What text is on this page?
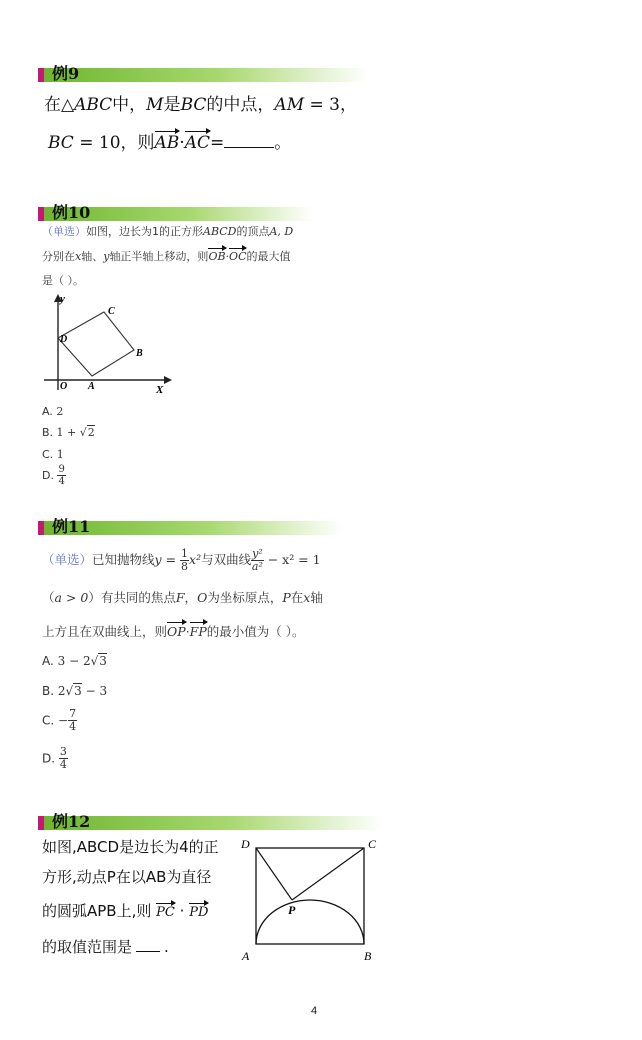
例9
在△ABC中，M是BC的中点，AM = 3，
BC = 10，则AB·AC=	。
例10
（单选）如图，边长为1的正方形ABCD的顶点A, D
分别在x轴、y轴正半轴上移动，则OB·OC的最大值
是（ ）。
y
X
O A
B
C
D
A. 2
B. 1 + √2
C. 1
D. $\frac{9}{4}$
例11
（单选）已知抛物线$y = \frac{1}{8} x^2$与双曲线 $\frac{\text{y²}}{\text{a²}} - x^2 = 1$
（a > 0）有共同的焦点F，O为坐标原点，P在x轴
上方且在双曲线上，则OP·FP的最小值为（ ）。
A. 3 − 2√3
B. 2√3 − 3
C. − $\frac{7}{4}$
D. $\frac{3}{4}$
例12
如图,ABCD是边长为4的正
方形,动点P在以AB为直径
的圆弧APB上,则 PC · PD
的取值范围是 .
D	C
P
A	B
4
